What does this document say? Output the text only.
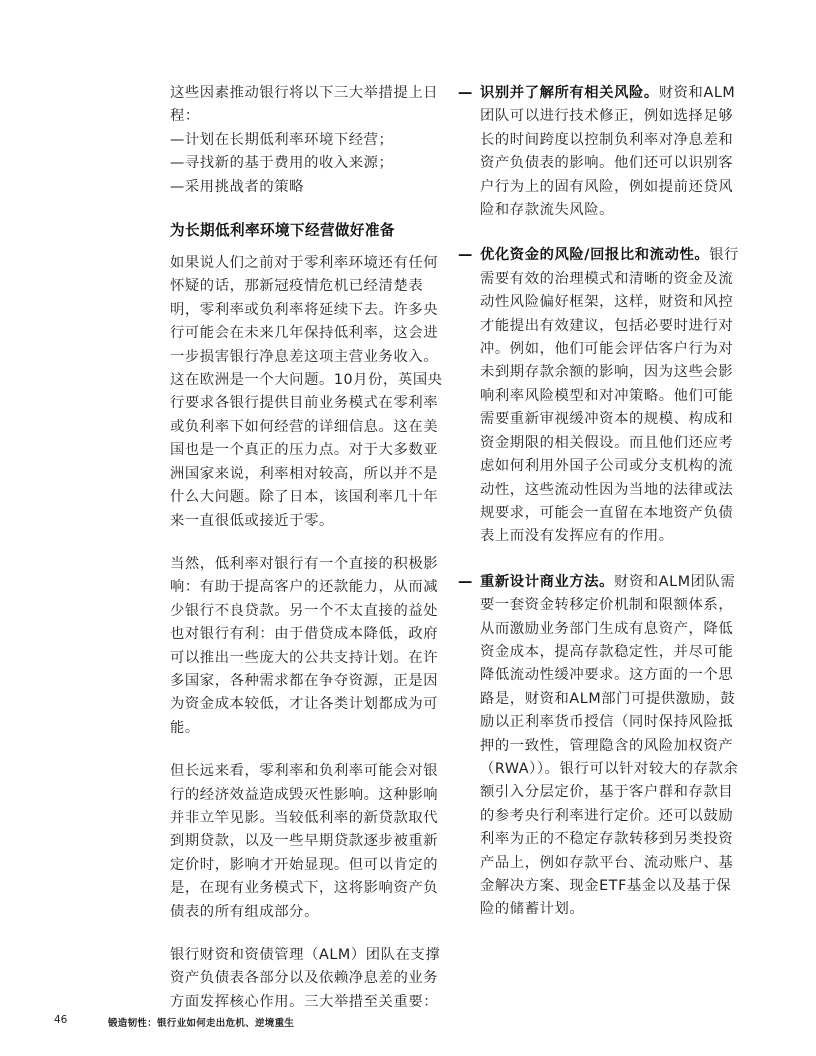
这些因素推动银行将以下三大举措提上日程：

—计划在长期低利率环境下经营；

—寻找新的基于费用的收入来源；

—采用挑战者的策略

为长期低利率环境下经营做好准备

如果说人们之前对于零利率环境还有任何怀疑的话，那新冠疫情危机已经清楚表明，零利率或负利率将延续下去。许多央行可能会在未来几年保持低利率，这会进一步损害银行净息差这项主营业务收入。这在欧洲是一个大问题。10月份，英国央行要求各银行提供目前业务模式在零利率或负利率下如何经营的详细信息。这在美国也是一个真正的压力点。对于大多数亚洲国家来说，利率相对较高，所以并不是什么大问题。除了日本，该国利率几十年来一直很低或接近于零。

当然，低利率对银行有一个直接的积极影响：有助于提高客户的还款能力，从而减少银行不良贷款。另一个不太直接的益处也对银行有利：由于借贷成本降低，政府可以推出一些庞大的公共支持计划。在许多国家，各种需求都在争夺资源，正是因为资金成本较低，才让各类计划都成为可能。

但长远来看，零利率和负利率可能会对银行的经济效益造成毁灭性影响。这种影响并非立竿见影。当较低利率的新贷款取代到期贷款，以及一些早期贷款逐步被重新定价时，影响才开始显现。但可以肯定的是，在现有业务模式下，这将影响资产负债表的所有组成部分。

银行财资和资债管理（ALM）团队在支撑资产负债表各部分以及依赖净息差的业务方面发挥核心作用。三大举措至关重要：

— 识别并了解所有相关风险。财资和ALM团队可以进行技术修正，例如选择足够长的时间跨度以控制负利率对净息差和资产负债表的影响。他们还可以识别客户行为上的固有风险，例如提前还贷风险和存款流失风险。
— 优化资金的风险/回报比和流动性。银行需要有效的治理模式和清晰的资金及流动性风险偏好框架，这样，财资和风控才能提出有效建议，包括必要时进行对冲。例如，他们可能会评估客户行为对未到期存款余额的影响，因为这些会影响利率风险模型和对冲策略。他们可能需要重新审视缓冲资本的规模、构成和资金期限的相关假设。而且他们还应考虑如何利用外国子公司或分支机构的流动性，这些流动性因为当地的法律或法规要求，可能会一直留在本地资产负债表上而没有发挥应有的作用。
— 重新设计商业方法。财资和ALM团队需要一套资金转移定价机制和限额体系，从而激励业务部门生成有息资产，降低资金成本，提高存款稳定性，并尽可能降低流动性缓冲要求。这方面的一个思路是，财资和ALM部门可提供激励，鼓励以正利率货币授信（同时保持风险抵押的一致性，管理隐含的风险加权资产（RWA））。银行可以针对较大的存款余额引入分层定价，基于客户群和存款目的参考央行利率进行定价。还可以鼓励利率为正的不稳定存款转移到另类投资产品上，例如存款平台、流动账户、基金解决方案、现金ETF基金以及基于保险的储蓄计划。
46	锻造韧性：银行业如何走出危机、逆境重生
